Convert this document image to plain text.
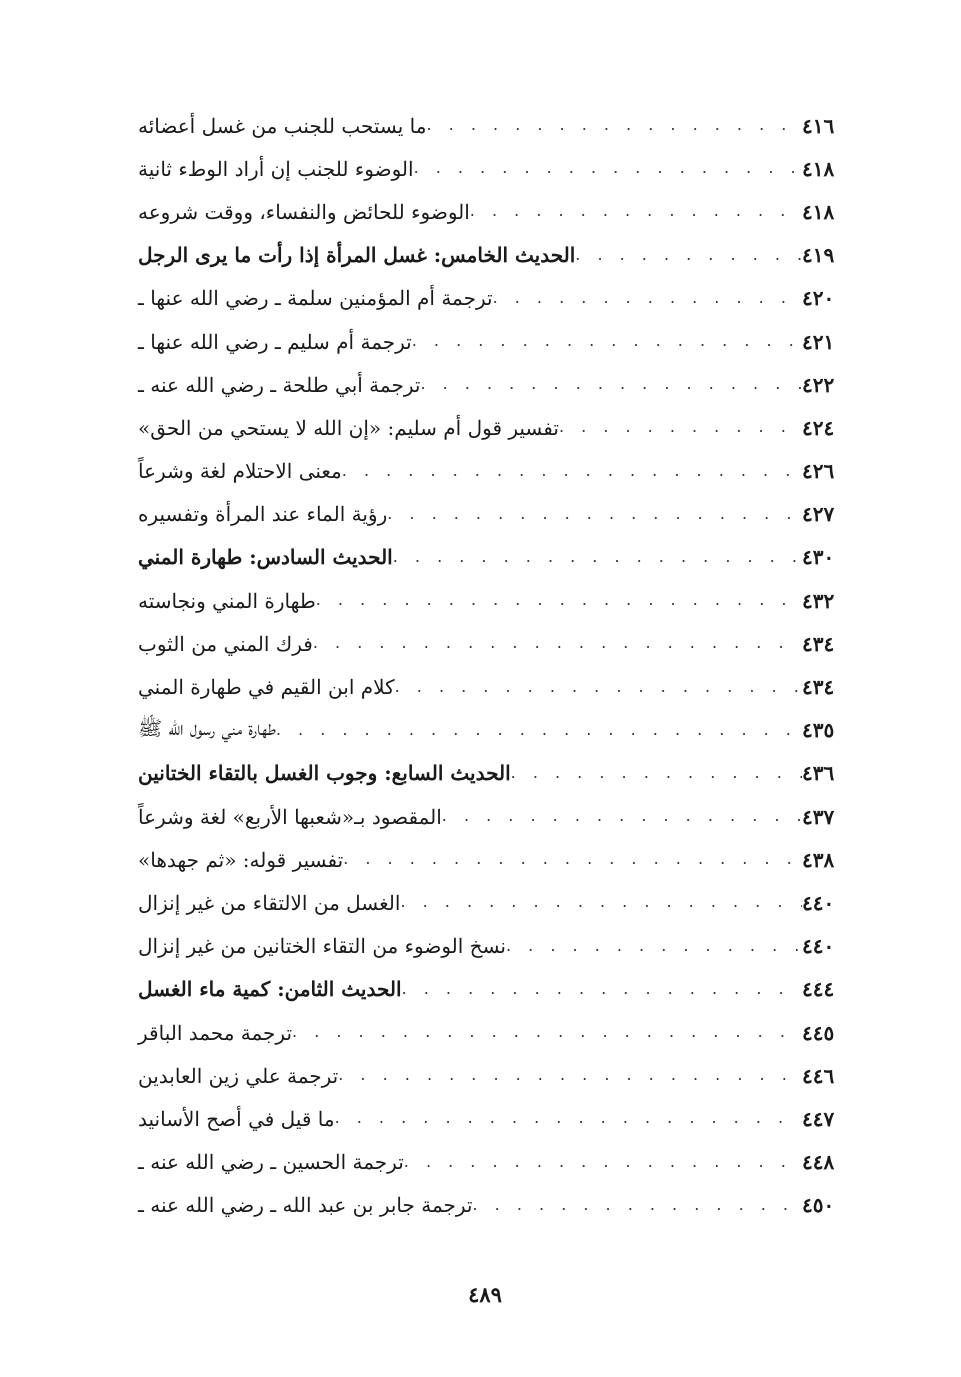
ما يستحب للجنب من غسل أعضائه . . .	٤١٦
الوضوء للجنب إن أراد الوطء ثانية . . .	٤١٨
الوضوء للحائض والنفساء، ووقت شروعه . . .	٤١٨
الحديث الخامس: غسل المرأة إذا رأت ما يرى الرجل . . .	٤١٩
ترجمة أم المؤمنين سلمة ـ رضي الله عنها ـ . . .	٤٢٠
ترجمة أم سليم ـ رضي الله عنها ـ . . .	٤٢١
ترجمة أبي طلحة ـ رضي الله عنه ـ . . .	٤٢٢
تفسير قول أم سليم: «إن الله لا يستحي من الحق» . . .	٤٢٤
معنى الاحتلام لغة وشرعاً . . .	٤٢٦
رؤية الماء عند المرأة وتفسيره . . .	٤٢٧
الحديث السادس: طهارة المني . . .	٤٣٠
طهارة المني ونجاسته . . .	٤٣٢
فرك المني من الثوب . . .	٤٣٤
كلام ابن القيم في طهارة المني . . .	٤٣٤
طهارة مني رسول الله ﷺ . . .	٤٣٥
الحديث السابع: وجوب الغسل بالتقاء الختانين . . .	٤٣٦
المقصود بـ«شعبها الأربع» لغة وشرعاً . . .	٤٣٧
تفسير قوله: «ثم جهدها» . . .	٤٣٨
الغسل من الالتقاء من غير إنزال . . .	٤٤٠
نسخ الوضوء من التقاء الختانين من غير إنزال . . .	٤٤٠
الحديث الثامن: كمية ماء الغسل . . .	٤٤٤
ترجمة محمد الباقر . . .	٤٤٥
ترجمة علي زين العابدين . . .	٤٤٦
ما قيل في أصح الأسانيد . . .	٤٤٧
ترجمة الحسين ـ رضي الله عنه ـ . . .	٤٤٨
ترجمة جابر بن عبد الله ـ رضي الله عنه ـ . . .	٤٥٠
٤٨٩
